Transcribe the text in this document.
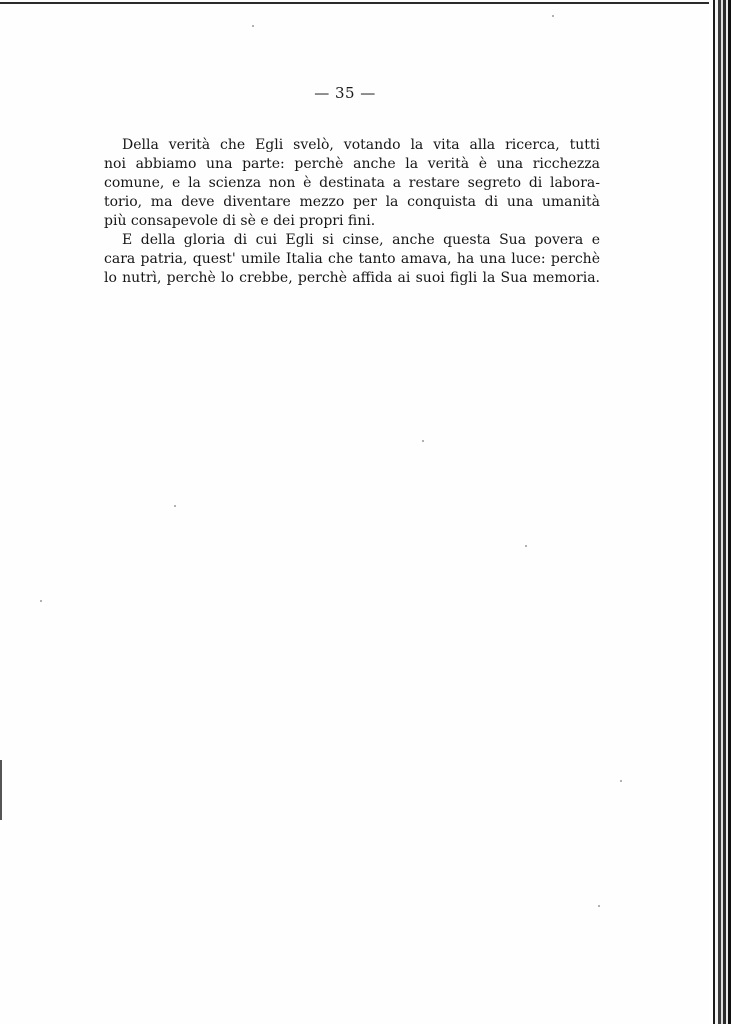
— 35 —

Della verità che Egli svelò, votando la vita alla ricerca, tutti
noi abbiamo una parte: perchè anche la verità è una ricchezza
comune, e la scienza non è destinata a restare segreto di labora-
torio, ma deve diventare mezzo per la conquista di una umanità
più consapevole di sè e dei propri fini.

E della gloria di cui Egli si cinse, anche questa Sua povera e
cara patria, quest' umile Italia che tanto amava, ha una luce: perchè
lo nutrì, perchè lo crebbe, perchè affida ai suoi figli la Sua memoria.
